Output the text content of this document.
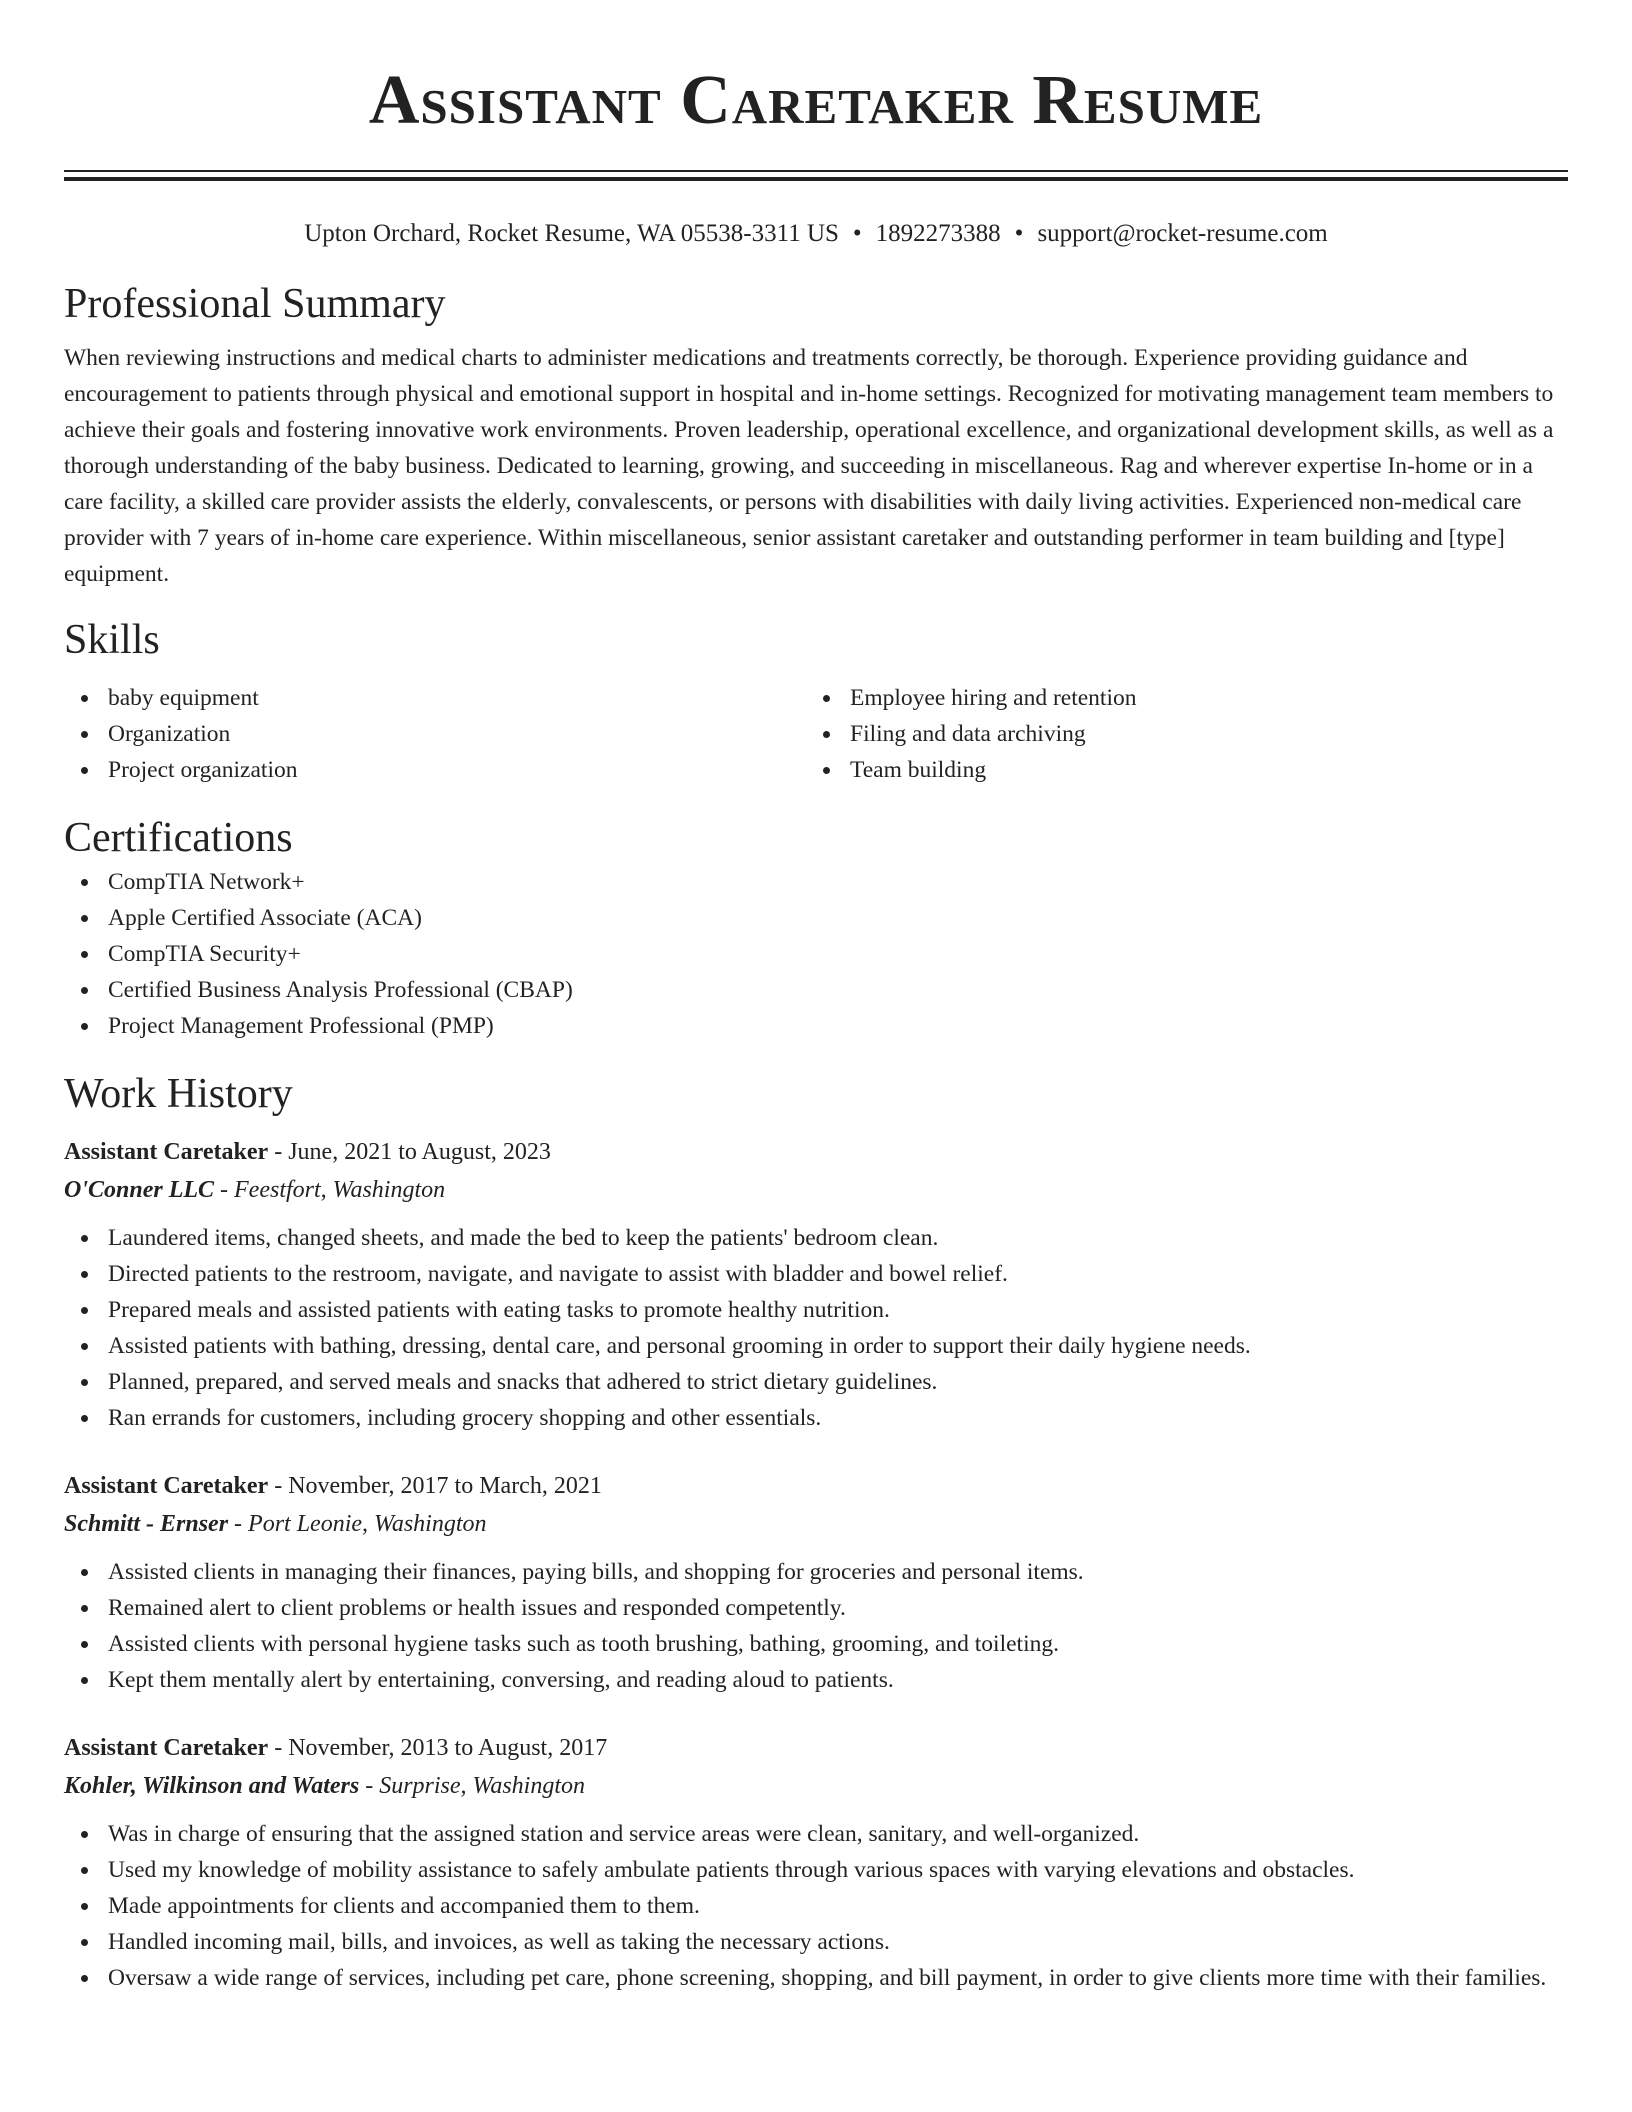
Assistant Caretaker Resume
Upton Orchard, Rocket Resume, WA 05538-3311 US • 1892273388 • support@rocket-resume.com
Professional Summary
When reviewing instructions and medical charts to administer medications and treatments correctly, be thorough. Experience providing guidance and encouragement to patients through physical and emotional support in hospital and in-home settings. Recognized for motivating management team members to achieve their goals and fostering innovative work environments. Proven leadership, operational excellence, and organizational development skills, as well as a thorough understanding of the baby business. Dedicated to learning, growing, and succeeding in miscellaneous. Rag and wherever expertise In-home or in a care facility, a skilled care provider assists the elderly, convalescents, or persons with disabilities with daily living activities. Experienced non-medical care provider with 7 years of in-home care experience. Within miscellaneous, senior assistant caretaker and outstanding performer in team building and [type] equipment.
Skills
baby equipment
Organization
Project organization
Employee hiring and retention
Filing and data archiving
Team building
Certifications
CompTIA Network+
Apple Certified Associate (ACA)
CompTIA Security+
Certified Business Analysis Professional (CBAP)
Project Management Professional (PMP)
Work History
Assistant Caretaker - June, 2021 to August, 2023
O'Conner LLC - Feestfort, Washington
Laundered items, changed sheets, and made the bed to keep the patients' bedroom clean.
Directed patients to the restroom, navigate, and navigate to assist with bladder and bowel relief.
Prepared meals and assisted patients with eating tasks to promote healthy nutrition.
Assisted patients with bathing, dressing, dental care, and personal grooming in order to support their daily hygiene needs.
Planned, prepared, and served meals and snacks that adhered to strict dietary guidelines.
Ran errands for customers, including grocery shopping and other essentials.
Assistant Caretaker - November, 2017 to March, 2021
Schmitt - Ernser - Port Leonie, Washington
Assisted clients in managing their finances, paying bills, and shopping for groceries and personal items.
Remained alert to client problems or health issues and responded competently.
Assisted clients with personal hygiene tasks such as tooth brushing, bathing, grooming, and toileting.
Kept them mentally alert by entertaining, conversing, and reading aloud to patients.
Assistant Caretaker - November, 2013 to August, 2017
Kohler, Wilkinson and Waters - Surprise, Washington
Was in charge of ensuring that the assigned station and service areas were clean, sanitary, and well-organized.
Used my knowledge of mobility assistance to safely ambulate patients through various spaces with varying elevations and obstacles.
Made appointments for clients and accompanied them to them.
Handled incoming mail, bills, and invoices, as well as taking the necessary actions.
Oversaw a wide range of services, including pet care, phone screening, shopping, and bill payment, in order to give clients more time with their families.
